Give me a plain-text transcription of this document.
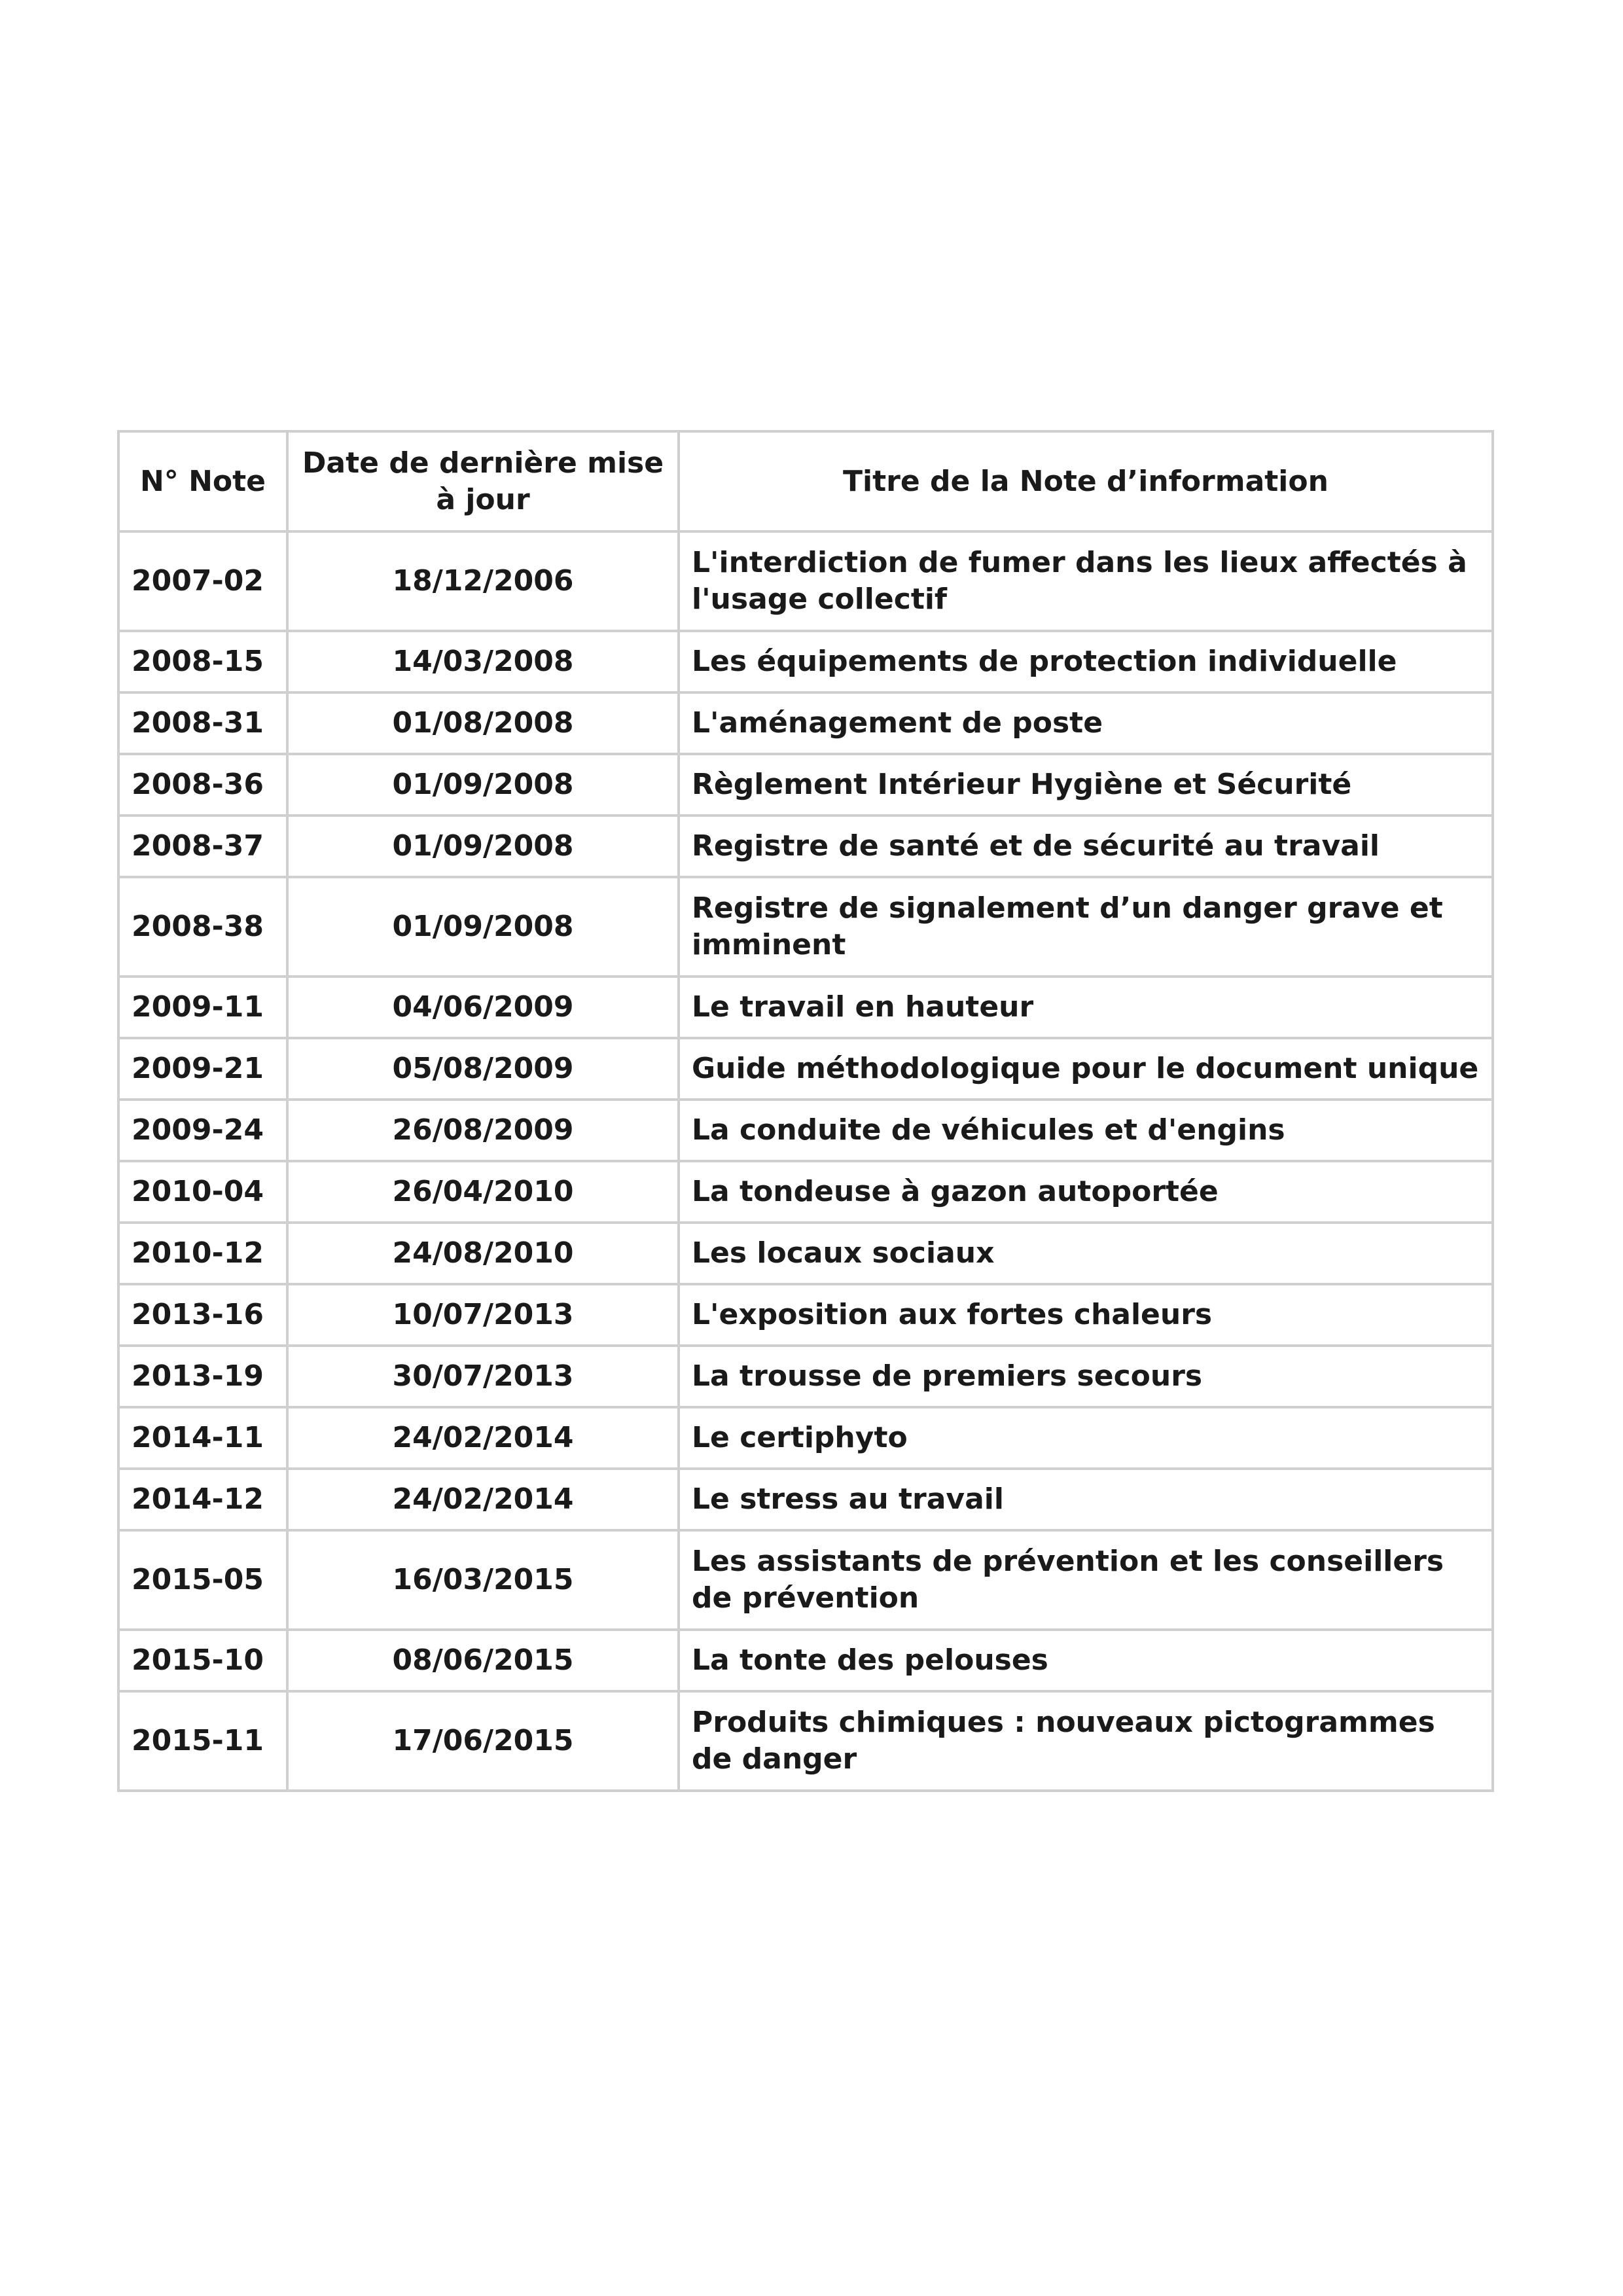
N° Note	Date de dernière mise à jour	Titre de la Note d’information
2007-02	18/12/2006	L'interdiction de fumer dans les lieux affectés à l'usage collectif
2008-15	14/03/2008	Les équipements de protection individuelle
2008-31	01/08/2008	L'aménagement de poste
2008-36	01/09/2008	Règlement Intérieur Hygiène et Sécurité
2008-37	01/09/2008	Registre de santé et de sécurité au travail
2008-38	01/09/2008	Registre de signalement d’un danger grave et imminent
2009-11	04/06/2009	Le travail en hauteur
2009-21	05/08/2009	Guide méthodologique pour le document unique
2009-24	26/08/2009	La conduite de véhicules et d'engins
2010-04	26/04/2010	La tondeuse à gazon autoportée
2010-12	24/08/2010	Les locaux sociaux
2013-16	10/07/2013	L'exposition aux fortes chaleurs
2013-19	30/07/2013	La trousse de premiers secours
2014-11	24/02/2014	Le certiphyto
2014-12	24/02/2014	Le stress au travail
2015-05	16/03/2015	Les assistants de prévention et les conseillers de prévention
2015-10	08/06/2015	La tonte des pelouses
2015-11	17/06/2015	Produits chimiques : nouveaux pictogrammes de danger
